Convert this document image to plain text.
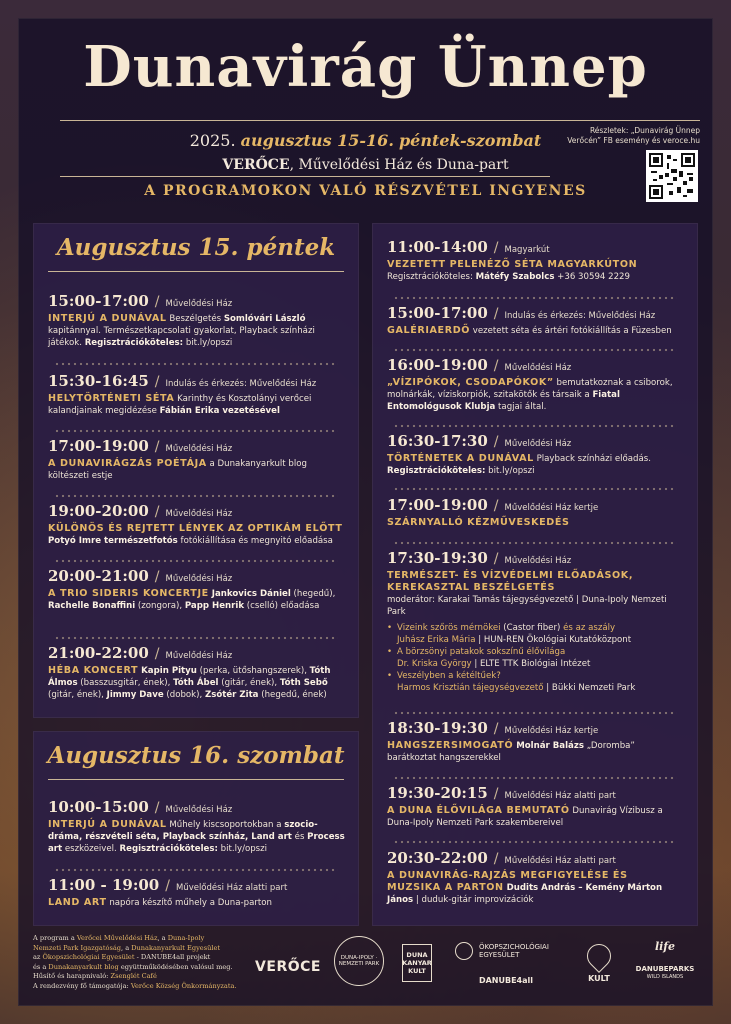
Dunavirág Ünnep
2025. augusztus 15-16. péntek-szombat
VERŐCE, Művelődési Ház és Duna-part
A PROGRAMOKON VALÓ RÉSZVÉTEL INGYENES
Részletek: „Dunavirág Ünnep
Verőcén” FB esemény és veroce.hu
Augusztus 15. péntek
15:00-17:00 / Művelődési Ház
INTERJÚ A DUNÁVAL Beszélgetés Somlóvári László kapitánnyal. Természetkapcsolati gyakorlat, Playback színházi játékok. Regisztrációköteles: bit.ly/opszi
15:30-16:45 / Indulás és érkezés: Művelődési Ház
HELYTÖRTÉNETI SÉTA Karinthy és Kosztolányi verőcei kalandjainak megidézése Fábián Erika vezetésével
17:00-19:00 / Művelődési Ház
A DUNAVIRÁGZÁS POÉTÁJA a Dunakanyarkult blog költészeti estje
19:00-20:00 / Művelődési Ház
KÜLÖNÖS ÉS REJTETT LÉNYEK AZ OPTIKÁM ELŐTT
Potyó Imre természetfotós fotókiállítása és megnyitó előadása
20:00-21:00 / Művelődési Ház
A TRIO SIDERIS KONCERTJE Jankovics Dániel (hegedű), Rachelle Bonaffini (zongora), Papp Henrik (cselló) előadása
21:00-22:00 / Művelődési Ház
HÉBA KONCERT Kapin Pityu (perka, ütőshangszerek), Tóth Álmos (basszusgitár, ének), Tóth Ábel (gitár, ének), Tóth Sebő (gitár, ének), Jimmy Dave (dobok), Zsótér Zita (hegedű, ének)
Augusztus 16. szombat
10:00-15:00 / Művelődési Ház
INTERJÚ A DUNÁVAL Műhely kiscsoportokban a szocio-dráma, részvételi séta, Playback színház, Land art és Process art eszközeivel. Regisztrációköteles: bit.ly/opszi
11:00 - 19:00 / Művelődési Ház alatti part
LAND ART napóra készítő műhely a Duna-parton
11:00-14:00 / Magyarkút
VEZETETT PELENÉZŐ SÉTA MAGYARKÚTON
Regisztrációköteles: Mátéfy Szabolcs +36 30594 2229
15:00-17:00 / Indulás és érkezés: Művelődési Ház
GALÉRIAERDŐ vezetett séta és ártéri fotókiállítás a Füzesben
16:00-19:00 / Művelődési Ház
„VÍZIPÓKOK, CSODAPÓKOK” bemutatkoznak a csiborok, molnárkák, víziskorpiók, szitakötők és társaik a Fiatal Entomológusok Klubja tagjai által.
16:30-17:30 / Művelődési Ház
TÖRTÉNETEK A DUNÁVAL Playback színházi előadás. Regisztrációköteles: bit.ly/opszi
17:00-19:00 / Művelődési Ház kertje
SZÁRNYALLÓ KÉZMŰVESKEDÉS
17:30-19:30 / Művelődési Ház
TERMÉSZET- ÉS VÍZVÉDELMI ELŐADÁSOK, KEREKASZTAL BESZÉLGETÉS
moderátor: Karakai Tamás tájegységvezető | Duna-Ipoly Nemzeti Park
• Vizeink szőrös mérnökei (Castor fiber) és az aszály
Juhász Erika Mária | HUN-REN Ökológiai Kutatóközpont
• A börzsönyi patakok sokszínű élővilága
Dr. Kriska György | ELTE TTK Biológiai Intézet
• Veszélyben a kétéltűek?
Harmos Krisztián tájegységvezető | Bükki Nemzeti Park
18:30-19:30 / Művelődési Ház kertje
HANGSZERSIMOGATÓ Molnár Balázs „Doromba” barátkoztat hangszerekkel
19:30-20:15 / Művelődési Ház alatti part
A DUNA ÉLŐVILÁGA BEMUTATÓ Dunavirág Vízibusz a Duna-Ipoly Nemzeti Park szakembereivel
20:30-22:00 / Művelődési Ház alatti part
A DUNAVIRÁG-RAJZÁS MEGFIGYELÉSE ÉS MUZSIKA A PARTON Dudits András – Kemény Márton János | duduk-gitár improvizációk
A program a Verőcei Művelődési Ház, a Duna-Ipoly
Nemzeti Park Igazgatóság, a Dunakanyarkult Egyesület
az Ökopszichológiai Egyesület - DANUBE4all projekt
és a Dunakanyarkult blog együttműködésében valósul meg.
Hűsítő és harapnivaló: Zsenglét Café
A rendezvény fő támogatója: Verőce Község Önkormányzata.
VERŐCE
DUNA-IPOLY · NEMZETI PARK
DUNA
KANYAR
KULT
ÖKOPSZICHOLÓGIAI
EGYESÜLET
DANUBE4all	KULT
life
DANUBEPARKS
WILD ISLANDS
